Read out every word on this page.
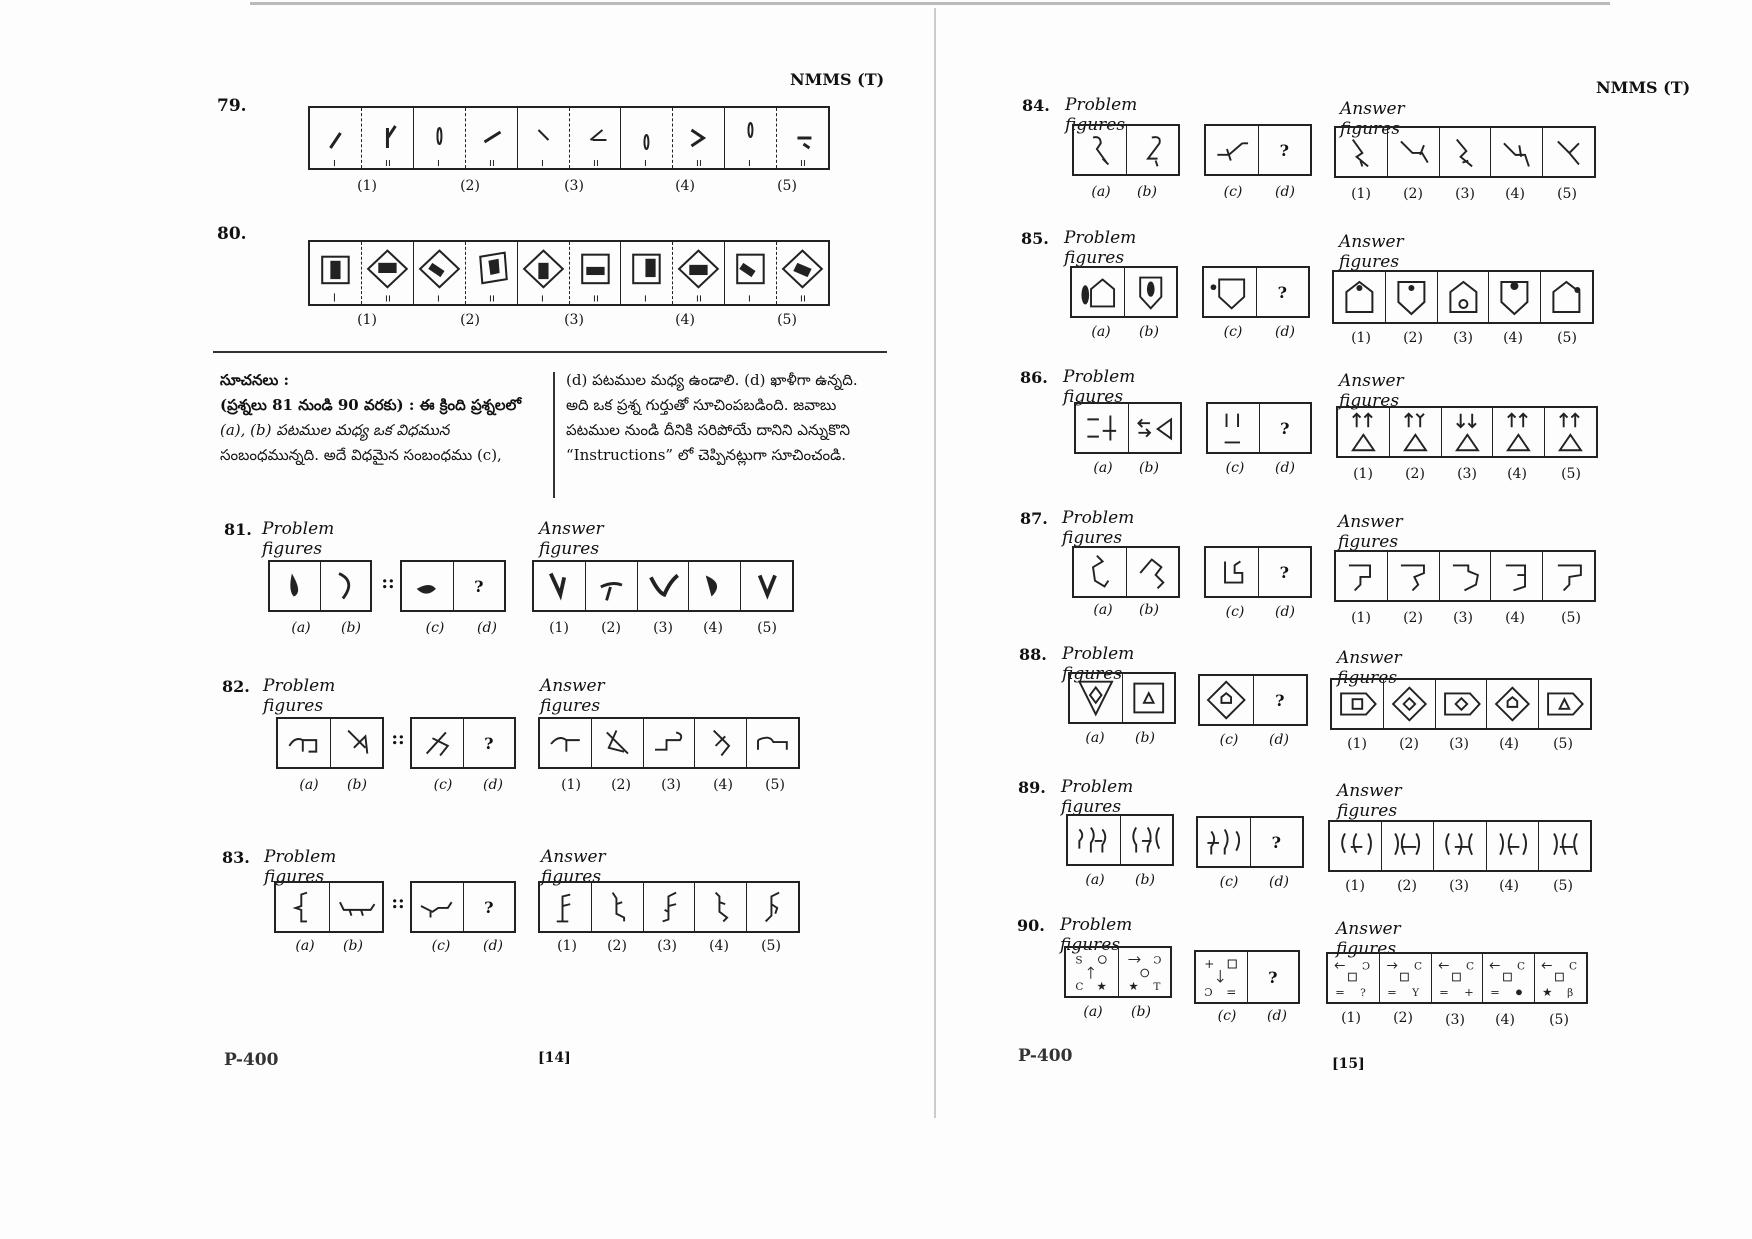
NMMS (T)	NMMS (T)
79.
(1)	(2)	(3)	(4)	(5)
80.
(1)	(2)	(3)	(4)	(5)
సూచనలు :
(ప్రశ్నలు 81 నుండి 90 వరకు) : ఈ క్రింది ప్రశ్నలలో
(a), (b) పటముల మధ్య ఒక విధమున
సంబంధమున్నది. అదే విధమైన సంబంధము (c),
(d) పటముల మధ్య ఉండాలి. (d) ఖాళీగా ఉన్నది.
అది ఒక ప్రశ్న గుర్తుతో సూచింపబడింది. జవాబు
పటముల నుండి దీనికి సరిపోయే దానిని ఎన్నుకొని
“Instructions” లో చెప్పినట్లుగా సూచించండి.
81. Problem figures
Answer figures
::	?
(a)	(b)	(c)	(d)	(1)	(2)	(3)	(4)	(5)
82. Problem figures
Answer figures
::	?
(a)	(b)	(c)	(d)	(1)	(2)	(3)	(4)	(5)
83. Problem figures
Answer figures
::	?
(a)	(b)	(c)	(d)	(1)	(2)	(3)	(4)	(5)
84. Problem figures
Answer figures
?
(a)	(b)	(c)	(d)	(1)	(2)	(3)	(4)	(5)
85. Problem figures
Answer figures
?
(a)	(b)	(c)	(d)	(1)	(2)	(3)	(4)	(5)
86. Problem figures
Answer figures
?
(a)	(b)	(c)	(d)	(1)	(2)	(3)	(4)	(5)
87. Problem figures
Answer figures
?
(a)	(b)	(c)	(d)	(1)	(2)	(3)	(4)	(5)
88. Problem figures
Answer figures
?
(a)	(b)	(c)	(d)	(1)	(2)	(3)	(4)	(5)
89. Problem figures
Answer figures
?
(a)	(b)	(c)	(d)	(1)	(2)	(3)	(4)	(5)
90. Problem figures
Answer figures
S
C ★
Ɔ
★ T
+
Ɔ =
?
Ɔ
= ?
C
= Y
C
= +
C
=
C
★ β
(a)	(b)	(c)	(d)	(1)	(2)	(3)	(4)	(5)
P-400	[14]	P-400	[15]
